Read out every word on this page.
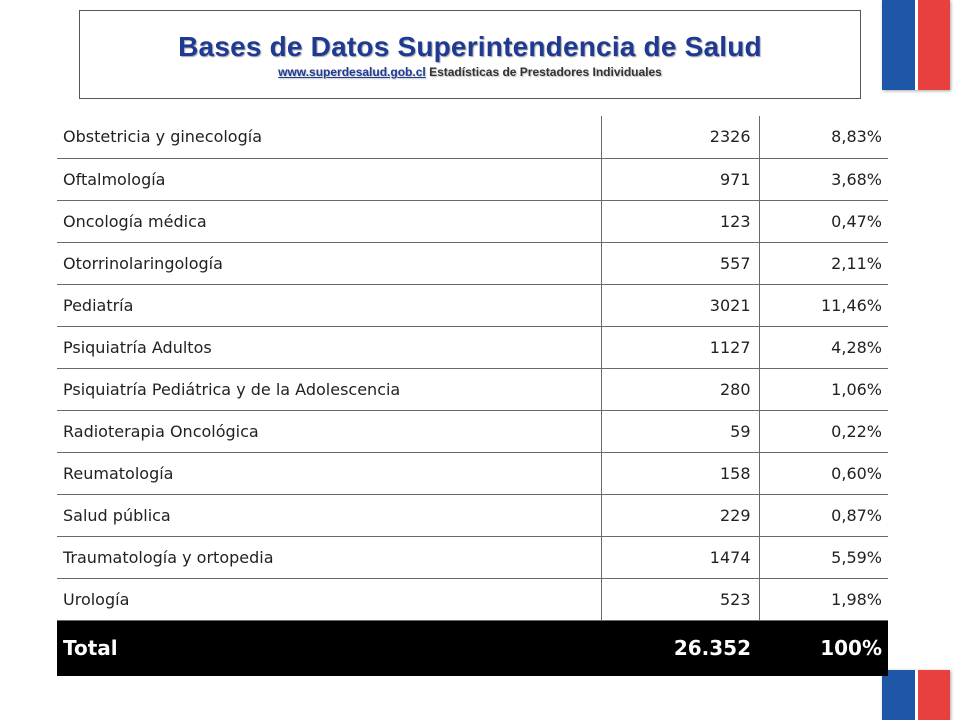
Bases de Datos Superintendencia de Salud
www.superdesalud.gob.cl Estadísticas de Prestadores Individuales
Obstetricia y ginecología	2326	8,83%
Oftalmología	971	3,68%
Oncología médica	123	0,47%
Otorrinolaringología	557	2,11%
Pediatría	3021	11,46%
Psiquiatría Adultos	1127	4,28%
Psiquiatría Pediátrica y de la Adolescencia	280	1,06%
Radioterapia Oncológica	59	0,22%
Reumatología	158	0,60%
Salud pública	229	0,87%
Traumatología y ortopedia	1474	5,59%
Urología	523	1,98%
Total	26.352	100%
